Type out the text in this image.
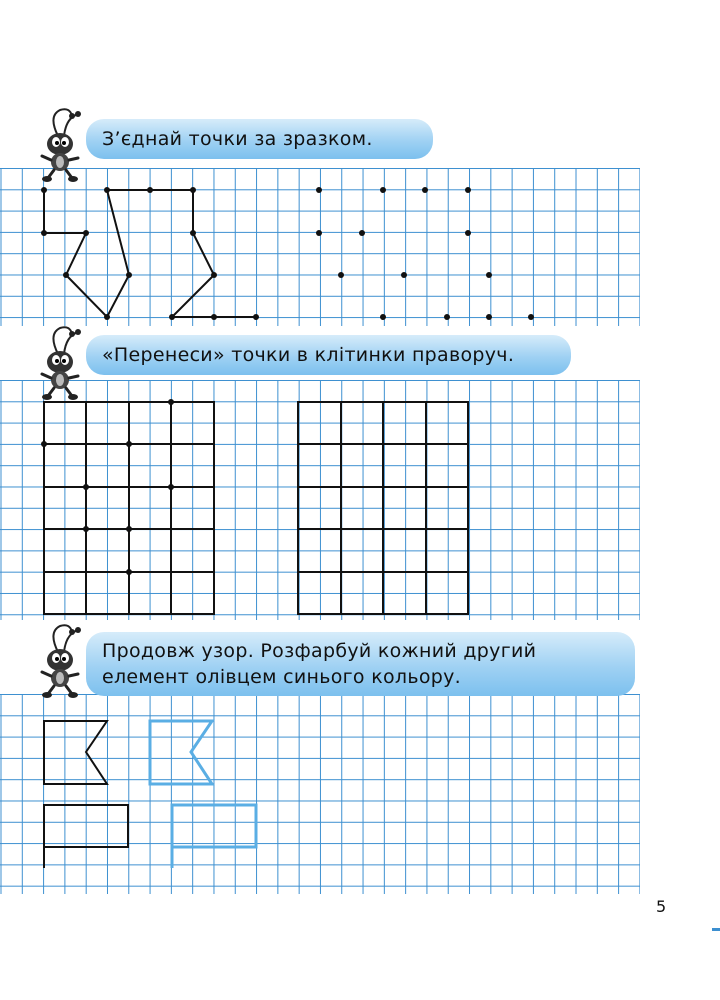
З’єднай точки за зразком.
«Перенеси» точки в клітинки праворуч.
Продовж узор. Розфарбуй кожний другий
елемент олівцем синього кольору.
5
